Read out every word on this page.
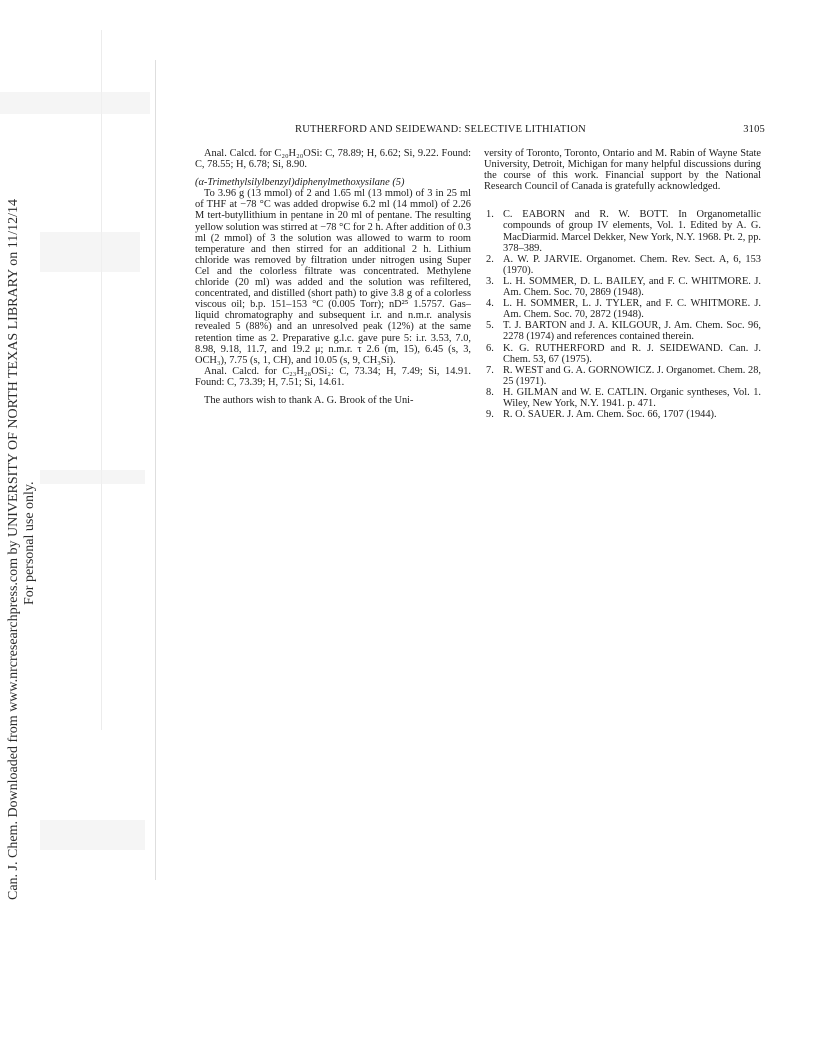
Can. J. Chem. Downloaded from www.nrcresearchpress.com by UNIVERSITY OF NORTH TEXAS LIBRARY on 11/12/14 For personal use only.
RUTHERFORD AND SEIDEWAND: SELECTIVE LITHIATION	3105

Anal. Calcd. for C₂₀H₂₀OSi: C, 78.89; H, 6.62; Si, 9.22. Found: C, 78.55; H, 6.78; Si, 8.90.

(α-Trimethylsilylbenzyl)diphenylmethoxysilane (5)

To 3.96 g (13 mmol) of 2 and 1.65 ml (13 mmol) of 3 in 25 ml of THF at −78 °C was added dropwise 6.2 ml (14 mmol) of 2.26 M tert-butyllithium in pentane in 20 ml of pentane. The resulting yellow solution was stirred at −78 °C for 2 h. After addition of 0.3 ml (2 mmol) of 3 the solution was allowed to warm to room temperature and then stirred for an additional 2 h. Lithium chloride was removed by filtration under nitrogen using Super Cel and the colorless filtrate was concentrated. Methylene chloride (20 ml) was added and the solution was refiltered, concentrated, and distilled (short path) to give 3.8 g of a colorless viscous oil; b.p. 151–153 °C (0.005 Torr); nD²⁵ 1.5757. Gas–liquid chromatography and subsequent i.r. and n.m.r. analysis revealed 5 (88%) and an unresolved peak (12%) at the same retention time as 2. Preparative g.l.c. gave pure 5: i.r. 3.53, 7.0, 8.98, 9.18, 11.7, and 19.2 μ; n.m.r. τ 2.6 (m, 15), 6.45 (s, 3, OCH₃), 7.75 (s, 1, CH), and 10.05 (s, 9, CH₃Si).

Anal. Calcd. for C₂₃H₂₈OSi₂: C, 73.34; H, 7.49; Si, 14.91. Found: C, 73.39; H, 7.51; Si, 14.61.

The authors wish to thank A. G. Brook of the Uni-

versity of Toronto, Toronto, Ontario and M. Rabin of Wayne State University, Detroit, Michigan for many helpful discussions during the course of this work. Financial support by the National Research Council of Canada is gratefully acknowledged.

1. C. EABORN and R. W. BOTT. In Organometallic compounds of group IV elements, Vol. 1. Edited by A. G. MacDiarmid. Marcel Dekker, New York, N.Y. 1968. Pt. 2, pp. 378–389.
2. A. W. P. JARVIE. Organomet. Chem. Rev. Sect. A, 6, 153 (1970).
3. L. H. SOMMER, D. L. BAILEY, and F. C. WHITMORE. J. Am. Chem. Soc. 70, 2869 (1948).
4. L. H. SOMMER, L. J. TYLER, and F. C. WHITMORE. J. Am. Chem. Soc. 70, 2872 (1948).
5. T. J. BARTON and J. A. KILGOUR, J. Am. Chem. Soc. 96, 2278 (1974) and references contained therein.
6. K. G. RUTHERFORD and R. J. SEIDEWAND. Can. J. Chem. 53, 67 (1975).
7. R. WEST and G. A. GORNOWICZ. J. Organomet. Chem. 28, 25 (1971).
8. H. GILMAN and W. E. CATLIN. Organic syntheses, Vol. 1. Wiley, New York, N.Y. 1941. p. 471.
9. R. O. SAUER. J. Am. Chem. Soc. 66, 1707 (1944).
